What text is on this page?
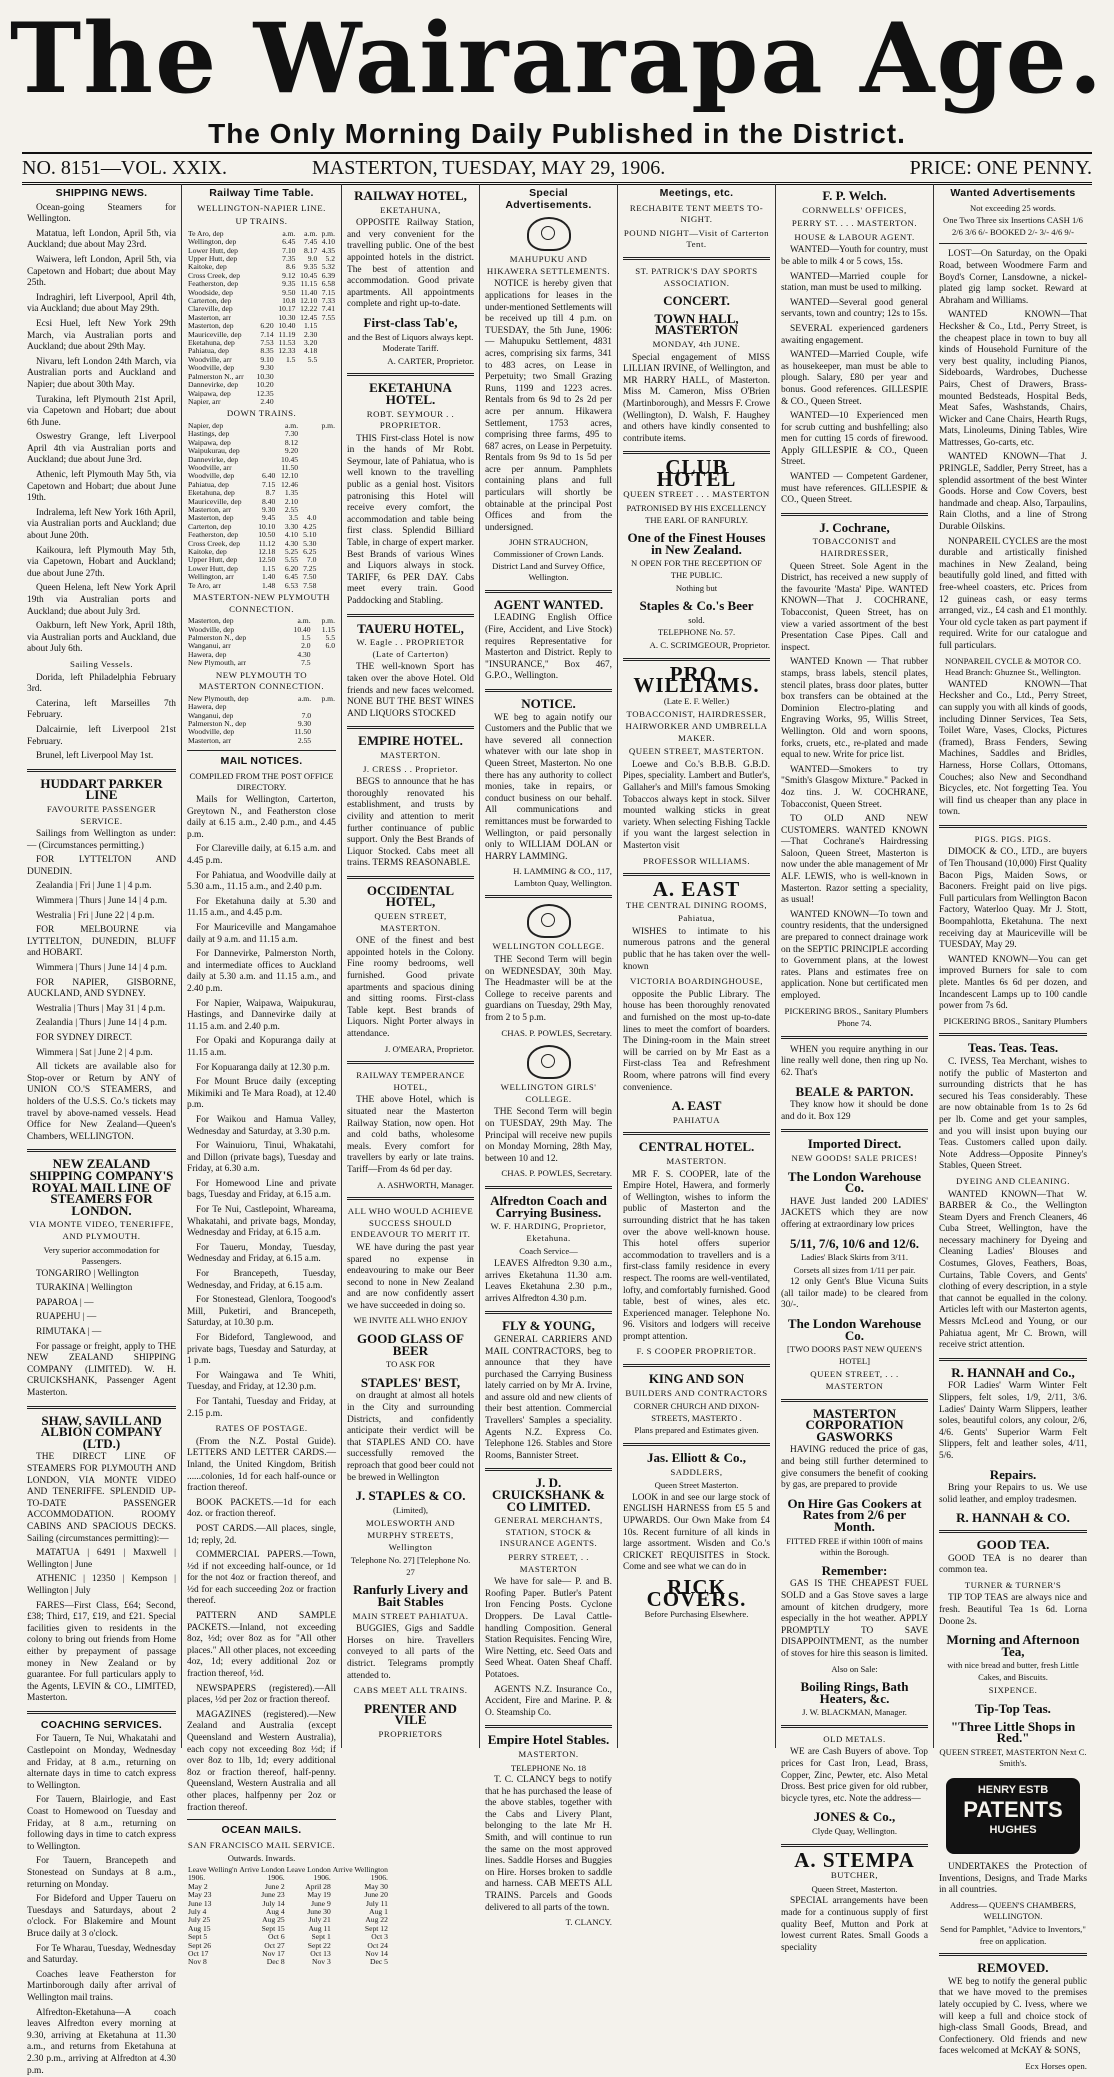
The Wairarapa Age.
The Only Morning Daily Published in the District.
NO. 8151—VOL. XXIX.	MASTERTON, TUESDAY, MAY 29, 1906.	PRICE: ONE PENNY.
SHIPPING NEWS.
Ocean-going Steamers for Wellington.
Matatua, left London, April 5th, via Auckland; due about May 23rd.
Waiwera, left London, April 5th, via Capetown and Hobart; due about May 25th.
Indraghiri, left Liverpool, April 4th, via Auckland; due about May 29th.
Ecsi Huel, left New York 29th March, via Australian ports and Auckland; due about 29th May.
Nivaru, left London 24th March, via Australian ports and Auckland and Napier; due about 30th May.
Turakina, left Plymouth 21st April, via Capetown and Hobart; due about 6th June.
Oswestry Grange, left Liverpool April 4th via Australian ports and Auckland; due about June 3rd.
Athenic, left Plymouth May 5th, via Capetown and Hobart; due about June 19th.
Indralema, left New York 16th April, via Australian ports and Auckland; due about June 20th.
Kaikoura, left Plymouth May 5th, via Capetown, Hobart and Auckland; due about June 27th.
Queen Helena, left New York April 19th via Australian ports and Auckland; due about July 3rd.
Oakburn, left New York, April 18th, via Australian ports and Auckland, due about July 6th.
Sailing Vessels.
Dorida, left Philadelphia February 3rd.
Caterina, left Marseilles 7th February.
Dalcairnie, left Liverpool 21st February.
Brunel, left Liverpool May 1st.
HUDDART PARKER LINE
FAVOURITE PASSENGER SERVICE.
Sailings from Wellington as under:— (Circumstances permitting.)
FOR LYTTELTON AND DUNEDIN.
Zealandia | Fri | June 1 | 4 p.m.
Wimmera | Thurs | June 14 | 4 p.m.
Westralia | Fri | June 22 | 4 p.m.
FOR MELBOURNE via LYTTELTON, DUNEDIN, BLUFF and HOBART.
Wimmera | Thurs | June 14 | 4 p.m.
FOR NAPIER, GISBORNE, AUCKLAND, AND SYDNEY.
Westralia | Thurs | May 31 | 4 p.m.
Zealandia | Thurs | June 14 | 4 p.m.
FOR SYDNEY DIRECT.
Wimmera | Sat | June 2 | 4 p.m.
All tickets are available also for Stop-over or Return by ANY of UNION CO.'S STEAMERS, and holders of the U.S.S. Co.'s tickets may travel by above-named vessels. Head Office for New Zealand—Queen's Chambers, WELLINGTON.
NEW ZEALAND SHIPPING COMPANY'S ROYAL MAIL LINE OF STEAMERS FOR LONDON.
VIA MONTE VIDEO, TENERIFFE, AND PLYMOUTH.
Very superior accommodation for Passengers.
TONGARIRO | Wellington
TURAKINA | Wellington
PAPAROA | —
RUAPEHU | —
RIMUTAKA | —
For passage or freight, apply to THE NEW ZEALAND SHIPPING COMPANY (LIMITED). W. H. CRUICKSHANK, Passenger Agent Masterton.
SHAW, SAVILL AND ALBION COMPANY (LTD.)
THE DIRECT LINE OF STEAMERS FOR PLYMOUTH AND LONDON, VIA MONTE VIDEO AND TENERIFFE. SPLENDID UP-TO-DATE PASSENGER ACCOMMODATION. ROOMY CABINS AND SPACIOUS DECKS. Sailing (circumstances permitting):—
MATATUA | 6491 | Maxwell | Wellington | June
ATHENIC | 12350 | Kempson | Wellington | July
FARES—First Class, £64; Second, £38; Third, £17, £19, and £21. Special facilities given to residents in the colony to bring out friends from Home either by prepayment of passage money in New Zealand or by guarantee. For full particulars apply to the Agents, LEVIN & CO., LIMITED, Masterton.
COACHING SERVICES.
For Tauern, Te Nui, Whakatahi and Castlepoint on Monday, Wednesday and Friday, at 8 a.m., returning on alternate days in time to catch express to Wellington.
For Tauern, Blairlogie, and East Coast to Homewood on Tuesday and Friday, at 8 a.m., returning on following days in time to catch express to Wellington.
For Tauern, Brancepeth and Stonestead on Sundays at 8 a.m., returning on Monday.
For Bideford and Upper Taueru on Tuesdays and Saturdays, about 2 o'clock. For Blakemire and Mount Bruce daily at 3 o'clock.
For Te Wharau, Tuesday, Wednesday and Saturday.
Coaches leave Featherston for Martinborough daily after arrival of Wellington mail trains.
Alfredton-Eketahuna—A coach leaves Alfredton every morning at 9.30, arriving at Eketahuna at 11.30 a.m., and returns from Eketahuna at 2.30 p.m., arriving at Alfredton at 4.30 p.m.
Railway Time Table.
WELLINGTON-NAPIER LINE.
UP TRAINS.
Te Aro, dep		a.m.	a.m.	p.m.
Wellington, dep		6.45	7.45	4.10
Lower Hutt, dep		7.10	8.17	4.35
Upper Hutt, dep		7.35	9.0	5.2
Kaitoke, dep		8.6	9.35	5.32
Cross Creek, dep		9.12	10.45	6.39
Featherston, dep		9.35	11.15	6.58
Woodside, dep		9.50	11.40	7.15
Carterton, dep		10.8	12.10	7.33
Clareville, dep		10.17	12.22	7.41
Masterton, arr		10.30	12.45	7.55
Masterton, dep	6.20	10.40	1.15	
Mauriceville, dep	7.14	11.19	2.30	
Eketahuna, dep	7.53	11.53	3.20	
Pahiatua, dep	8.35	12.33	4.18	
Woodville, arr	9.10	1.5	5.5	
Woodville, dep	9.30			
Palmerston N., arr	10.30			
Dannevirke, dep	10.20			
Waipawa, dep	12.35			
Napier, arr	2.40			
DOWN TRAINS.
Napier, dep		a.m.		p.m.
Hastings, dep		7.30		
Waipawa, dep		8.12		
Waipukurau, dep		9.20		
Dannevirke, dep		10.45		
Woodville, arr		11.50		
Woodville, dep	6.40	12.10		
Pahiatua, dep	7.15	12.46		
Eketahuna, dep	8.7	1.35		
Mauriceville, dep	8.40	2.10		
Masterton, arr	9.30	2.55		
Masterton, dep	9.45	3.5	4.0	
Carterton, dep	10.10	3.30	4.25	
Featherston, dep	10.50	4.10	5.10	
Cross Creek, dep	11.12	4.30	5.30	
Kaitoke, dep	12.18	5.25	6.25	
Upper Hutt, dep	12.50	5.55	7.0	
Lower Hutt, dep	1.15	6.20	7.25	
Wellington, arr	1.40	6.45	7.50	
Te Aro, arr	1.48	6.53	7.58	
MASTERTON-NEW PLYMOUTH CONNECTION.
Masterton, dep	a.m.	p.m.
Woodville, dep	10.40	1.15
Palmerston N., dep	1.5	5.5
Wanganui, arr	2.0	6.0
Hawera, dep	4.30	
New Plymouth, arr	7.5	
NEW PLYMOUTH TO MASTERTON CONNECTION.
New Plymouth, dep	a.m.	p.m.
Hawera, dep		
Wanganui, dep	7.0	
Palmerston N., dep	9.30	
Woodville, dep	11.50	
Masterton, arr	2.55	
MAIL NOTICES.
COMPILED FROM THE POST OFFICE DIRECTORY.
Mails for Wellington, Carterton, Greytown N., and Featherston close daily at 6.15 a.m., 2.40 p.m., and 4.45 p.m.
For Clareville daily, at 6.15 a.m. and 4.45 p.m.
For Pahiatua, and Woodville daily at 5.30 a.m., 11.15 a.m., and 2.40 p.m.
For Eketahuna daily at 5.30 and 11.15 a.m., and 4.45 p.m.
For Mauriceville and Mangamahoe daily at 9 a.m. and 11.15 a.m.
For Dannevirke, Palmerston North, and intermediate offices to Auckland daily at 5.30 a.m. and 11.15 a.m., and 2.40 p.m.
For Napier, Waipawa, Waipukurau, Hastings, and Dannevirke daily at 11.15 a.m. and 2.40 p.m.
For Opaki and Kopuranga daily at 11.15 a.m.
For Kopuaranga daily at 12.30 p.m.
For Mount Bruce daily (excepting Mikimiki and Te Mara Road), at 12.40 p.m.
For Waikou and Hamua Valley, Wednesday and Saturday, at 3.30 p.m.
For Wainuioru, Tinui, Whakatahi, and Dillon (private bags), Tuesday and Friday, at 6.30 a.m.
For Homewood Line and private bags, Tuesday and Friday, at 6.15 a.m.
For Te Nui, Castlepoint, Whareama, Whakatahi, and private bags, Monday, Wednesday and Friday, at 6.15 a.m.
For Taueru, Monday, Tuesday, Wednesday and Friday, at 6.15 a.m.
For Brancepeth, Tuesday, Wednesday, and Friday, at 6.15 a.m.
For Stonestead, Glenlora, Toogood's Mill, Puketiri, and Brancepeth, Saturday, at 10.30 p.m.
For Bideford, Tanglewood, and private bags, Tuesday and Saturday, at 1 p.m.
For Waingawa and Te Whiti, Tuesday, and Friday, at 12.30 p.m.
For Tantahi, Tuesday and Friday, at 2.15 p.m.
RATES OF POSTAGE.
(From the N.Z. Postal Guide). LETTERS AND LETTER CARDS.—Inland, the United Kingdom, British ......colonies, 1d for each half-ounce or fraction thereof.
BOOK PACKETS.—1d for each 4oz. or fraction thereof.
POST CARDS.—All places, single, 1d; reply, 2d.
COMMERCIAL PAPERS.—Town, ½d if not exceeding half-ounce, or 1d for the not 4oz or fraction thereof, and ½d for each succeeding 2oz or fraction thereof.
PATTERN AND SAMPLE PACKETS.—Inland, not exceeding 8oz, ½d; over 8oz as for "All other places." All other places, not exceeding 4oz, 1d; every additional 2oz or fraction thereof, ½d.
NEWSPAPERS (registered).—All places, ½d per 2oz or fraction thereof.
MAGAZINES (registered).—New Zealand and Australia (except Queensland and Western Australia), each copy not exceeding 8oz ½d; if over 8oz to 1lb, 1d; every additional 8oz or fraction thereof, half-penny. Queensland, Western Australia and all other places, halfpenny per 2oz or fraction thereof.
OCEAN MAILS.
SAN FRANCISCO MAIL SERVICE.
Outwards. Inwards.
Leave Welling'n	Arrive London	Leave London	Arrive Wellington
1906.	1906.	1906.	1906.
May 2	June 2	April 28	May 30
May 23	June 23	May 19	June 20
June 13	July 14	June 9	July 11
July 4	Aug 4	June 30	Aug 1
July 25	Aug 25	July 21	Aug 22
Aug 15	Sept 15	Aug 11	Sept 12
Sept 5	Oct 6	Sept 1	Oct 3
Sept 26	Oct 27	Sept 22	Oct 24
Oct 17	Nov 17	Oct 13	Nov 14
Nov 8	Dec 8	Nov 3	Dec 5
RAILWAY HOTEL,
EKETAHUNA,
OPPOSITE Railway Station, and very convenient for the travelling public. One of the best appointed hotels in the district. The best of attention and accommodation. Good private apartments. All appointments complete and right up-to-date.
First-class Tab'e,
and the Best of Liquors always kept. Moderate Tariff.
A. CARTER, Proprietor.
EKETAHUNA HOTEL.
ROBT. SEYMOUR . . PROPRIETOR.
THIS First-class Hotel is now in the hands of Mr Robt. Seymour, late of Pahiatua, who is well known to the travelling public as a genial host. Visitors patronising this Hotel will receive every comfort, the accommodation and table being first class. Splendid Billiard Table, in charge of expert marker. Best Brands of various Wines and Liquors always in stock. TARIFF, 6s PER DAY. Cabs meet every train. Good Paddocking and Stabling.
TAUERU HOTEL,
W. Eagle . . PROPRIETOR (Late of Carterton)
THE well-known Sport has taken over the above Hotel. Old friends and new faces welcomed. NONE BUT THE BEST WINES AND LIQUORS STOCKED
EMPIRE HOTEL.
MASTERTON.
J. CRESS . . Proprietor.
BEGS to announce that he has thoroughly renovated his establishment, and trusts by civility and attention to merit further continuance of public support. Only the Best Brands of Liquor Stocked. Cabs meet all trains. TERMS REASONABLE.
OCCIDENTAL HOTEL,
QUEEN STREET, MASTERTON.
ONE of the finest and best appointed hotels in the Colony. Fine roomy bedrooms, well furnished. Good private apartments and spacious dining and sitting rooms. First-class Table kept. Best brands of Liquors. Night Porter always in attendance.
J. O'MEARA, Proprietor.
RAILWAY TEMPERANCE HOTEL,
THE above Hotel, which is situated near the Masterton Railway Station, now open. Hot and cold baths, wholesome meals. Every comfort for travellers by early or late trains. Tariff—From 4s 6d per day.
A. ASHWORTH, Manager.
ALL WHO WOULD ACHIEVE SUCCESS SHOULD ENDEAVOUR TO MERIT IT.
WE have during the past year spared no expense in endeavouring to make our Beer second to none in New Zealand and are now confidently assert we have succeeded in doing so.
WE INVITE ALL WHO ENJOY
GOOD GLASS OF BEER
TO ASK FOR
STAPLES' BEST,
on draught at almost all hotels in the City and surrounding Districts, and confidently anticipate their verdict will be that STAPLES AND CO. have successfully removed the reproach that good beer could not be brewed in Wellington
J. STAPLES & CO.
(Limited),
MOLESWORTH AND MURPHY STREETS, Wellington
Telephone No. 27] [Telephone No. 27
Ranfurly Livery and Bait Stables
MAIN STREET PAHIATUA.
BUGGIES, Gigs and Saddle Horses on hire. Travellers conveyed to all parts of the district. Telegrams promptly attended to.
CABS MEET ALL TRAINS.
PRENTER AND VILE
PROPRIETORS
Special Advertisements.
MAHUPUKU AND HIKAWERA SETTLEMENTS.
NOTICE is hereby given that applications for leases in the under-mentioned Settlements will be received up till 4 p.m. on TUESDAY, the 5th June, 1906:— Mahupuku Settlement, 4831 acres, comprising six farms, 341 to 483 acres, on Lease in Perpetuity; two Small Grazing Runs, 1199 and 1223 acres. Rentals from 6s 9d to 2s 2d per acre per annum. Hikawera Settlement, 1753 acres, comprising three farms, 495 to 687 acres, on Lease in Perpetuity. Rentals from 9s 9d to 1s 5d per acre per annum. Pamphlets containing plans and full particulars will shortly be obtainable at the principal Post Offices and from the undersigned.
JOHN STRAUCHON, Commissioner of Crown Lands. District Land and Survey Office, Wellington.
AGENT WANTED.
LEADING English Office (Fire, Accident, and Live Stock) requires Representative for Masterton and District. Reply to "INSURANCE," Box 467, G.P.O., Wellington.
NOTICE.
WE beg to again notify our Customers and the Public that we have severed all connection whatever with our late shop in Queen Street, Masterton. No one there has any authority to collect monies, take in repairs, or conduct business on our behalf. All communications and remittances must be forwarded to Wellington, or paid personally only to WILLIAM DOLAN or HARRY LAMMING.
H. LAMMING & CO., 117, Lambton Quay, Wellington.
WELLINGTON COLLEGE.
THE Second Term will begin on WEDNESDAY, 30th May. The Headmaster will be at the College to receive parents and guardians on Tuesday, 29th May, from 2 to 5 p.m.
CHAS. P. POWLES, Secretary.
WELLINGTON GIRLS' COLLEGE.
THE Second Term will begin on TUESDAY, 29th May. The Principal will receive new pupils on Monday Morning, 28th May, between 10 and 12.
CHAS. P. POWLES, Secretary.
Alfredton Coach and Carrying Business.
W. F. HARDING, Proprietor, Eketahuna.
Coach Service—
LEAVES Alfredton 9.30 a.m., arrives Eketahuna 11.30 a.m. Leaves Eketahuna 2.30 p.m., arrives Alfredton 4.30 p.m.
FLY & YOUNG,
GENERAL CARRIERS AND MAIL CONTRACTORS, beg to announce that they have purchased the Carrying Business lately carried on by Mr A. Irvine, and assure old and new clients of their best attention. Commercial Travellers' Samples a speciality. Agents N.Z. Express Co. Telephone 126. Stables and Store Rooms, Bannister Street.
J. D. CRUICKSHANK & CO LIMITED.
GENERAL MERCHANTS, STATION, STOCK & INSURANCE AGENTS.
PERRY STREET, . . MASTERTON
We have for sale— P. and B. Roofing Paper. Butler's Patent Iron Fencing Posts. Cyclone Droppers. De Laval Cattle-handling Composition. General Station Requisites. Fencing Wire, Wire Netting, etc. Seed Oats and Seed Wheat. Oaten Sheaf Chaff. Potatoes.
AGENTS N.Z. Insurance Co., Accident, Fire and Marine. P. & O. Steamship Co.
Empire Hotel Stables.
MASTERTON.
TELEPHONE No. 18
T. C. CLANCY begs to notify that he has purchased the lease of the above stables, together with the Cabs and Livery Plant, belonging to the late Mr H. Smith, and will continue to run the same on the most approved lines. Saddle Horses and Buggies on Hire. Horses broken to saddle and harness. CAB MEETS ALL TRAINS. Parcels and Goods delivered to all parts of the town.
T. CLANCY.
Meetings, etc.
RECHABITE TENT MEETS TO-NIGHT.
POUND NIGHT—Visit of Carterton Tent.
ST. PATRICK'S DAY SPORTS ASSOCIATION.
CONCERT.
TOWN HALL, MASTERTON
MONDAY, 4th JUNE.
Special engagement of MISS LILLIAN IRVINE, of Wellington, and MR HARRY HALL, of Masterton. Miss M. Cameron, Miss O'Brien (Martinborough), and Messrs F. Crowe (Wellington), D. Walsh, F. Haughey and others have kindly consented to contribute items.
CLUB HOTEL
QUEEN STREET . . . MASTERTON
PATRONISED BY HIS EXCELLENCY THE EARL OF RANFURLY.
One of the Finest Houses in New Zealand.
N OPEN FOR THE RECEPTION OF THE PUBLIC.
Nothing but
Staples & Co.'s Beer
sold.
TELEPHONE No. 57.
A. C. SCRIMGEOUR, Proprietor.
PRO. WILLIAMS.
(Late E. F. Weller.)
TOBACCONIST, HAIRDRESSER, HAIRWORKER AND UMBRELLA MAKER.
QUEEN STREET, MASTERTON.
Loewe and Co.'s B.B.B. G.B.D. Pipes, speciality. Lambert and Butler's, Gallaher's and Mill's famous Smoking Tobaccos always kept in stock. Silver mounted walking sticks in great variety. When selecting Fishing Tackle if you want the largest selection in Masterton visit
PROFESSOR WILLIAMS.
A. EAST
THE CENTRAL DINING ROOMS,
Pahiatua,
WISHES to intimate to his numerous patrons and the general public that he has taken over the well-known
VICTORIA BOARDINGHOUSE,
opposite the Public Library. The house has been thoroughly renovated and furnished on the most up-to-date lines to meet the comfort of boarders. The Dining-room in the Main street will be carried on by Mr East as a First-class Tea and Refreshment Room, where patrons will find every convenience.
A. EAST
PAHIATUA
CENTRAL HOTEL.
MASTERTON.
MR F. S. COOPER, late of the Empire Hotel, Hawera, and formerly of Wellington, wishes to inform the public of Masterton and the surrounding district that he has taken over the above well-known house. This hotel offers superior accommodation to travellers and is a first-class family residence in every respect. The rooms are well-ventilated, lofty, and comfortably furnished. Good table, best of wines, ales etc. Experienced manager. Telephone No. 96. Visitors and lodgers will receive prompt attention.
F. S COOPER PROPRIETOR.
KING AND SON
BUILDERS AND CONTRACTORS
CORNER CHURCH AND DIXON-STREETS, MASTERTO .
Plans prepared and Estimates given.
Jas. Elliott & Co.,
SADDLERS,
Queen Street Masterton.
LOOK in and see our large stock of ENGLISH HARNESS from £5 5 and UPWARDS. Our Own Make from £4 10s. Recent furniture of all kinds in large assortment. Wisden and Co.'s CRICKET REQUISITES in Stock. Come and see what we can do in
RICK COVERS.
Before Purchasing Elsewhere.
F. P. Welch.
CORNWELLS' OFFICES,
PERRY ST. . . . MASTERTON.
HOUSE & LABOUR AGENT.
WANTED—Youth for country, must be able to milk 4 or 5 cows, 15s.
WANTED—Married couple for station, man must be used to milking.
WANTED—Several good general servants, town and country; 12s to 15s.
SEVERAL experienced gardeners awaiting engagement.
WANTED—Married Couple, wife as housekeeper, man must be able to plough. Salary, £80 per year and bonus. Good references. GILLESPIE & CO., Queen Street.
WANTED—10 Experienced men for scrub cutting and bushfelling; also men for cutting 15 cords of firewood. Apply GILLESPIE & CO., Queen Street.
WANTED — Competent Gardener, must have references. GILLESPIE & CO., Queen Street.
J. Cochrane,
TOBACCONIST and HAIRDRESSER,
Queen Street. Sole Agent in the District, has received a new supply of the favourite 'Masta' Pipe. WANTED KNOWN—That J. COCHRANE, Tobacconist, Queen Street, has on view a varied assortment of the best Presentation Case Pipes. Call and inspect.
WANTED Known — That rubber stamps, brass labels, stencil plates, stencil plates, brass door plates, butter box transfers can be obtained at the Dominion Electro-plating and Engraving Works, 95, Willis Street, Wellington. Old and worn spoons, forks, cruets, etc., re-plated and made equal to new. Write for price list.
WANTED—Smokers to try "Smith's Glasgow Mixture." Packed in 4oz tins. J. W. COCHRANE, Tobacconist, Queen Street.
TO OLD AND NEW CUSTOMERS. WANTED KNOWN—That Cochrane's Hairdressing Saloon, Queen Street, Masterton is now under the able management of Mr ALF. LEWIS, who is well-known in Masterton. Razor setting a speciality, as usual!
WANTED KNOWN—To town and country residents, that the undersigned are prepared to connect drainage work on the SEPTIC PRINCIPLE according to Government plans, at the lowest rates. Plans and estimates free on application. None but certificated men employed.
PICKERING BROS., Sanitary Plumbers
Phone 74.
WHEN you require anything in our line really well done, then ring up No. 62. That's
BEALE & PARTON.
They know how it should be done and do it. Box 129
Imported Direct.
NEW GOODS! SALE PRICES!
The London Warehouse Co.
HAVE Just landed 200 LADIES' JACKETS which they are now offering at extraordinary low prices
5/11, 7/6, 10/6 and 12/6.
Ladies' Black Skirts from 3/11.
Corsets all sizes from 1/11 per pair.
12 only Gent's Blue Vicuna Suits (all tailor made) to be cleared from 30/-.
The London Warehouse Co.
[TWO DOORS PAST NEW QUEEN'S HOTEL]
QUEEN STREET, . . . MASTERTON
MASTERTON CORPORATION GASWORKS
HAVING reduced the price of gas, and being still further determined to give consumers the benefit of cooking by gas, are prepared to provide
On Hire Gas Cookers at Rates from 2/6 per Month.
FITTED FREE if within 100ft of mains within the Borough.
Remember:
GAS IS THE CHEAPEST FUEL SOLD and a Gas Stove saves a large amount of kitchen drudgery, more especially in the hot weather. APPLY PROMPTLY TO SAVE DISAPPOINTMENT, as the number of stoves for hire this season is limited.
Also on Sale:
Boiling Rings, Bath Heaters, &c.
J. W. BLACKMAN, Manager.
OLD METALS.
WE are Cash Buyers of above. Top prices for Cast Iron, Lead, Brass, Copper, Zinc, Pewter, etc. Also Metal Dross. Best price given for old rubber, bicycle tyres, etc. Note the address—
JONES & Co.,
Clyde Quay, Wellington.
A. STEMPA
BUTCHER,
Queen Street, Masterton.
SPECIAL arrangements have been made for a continuous supply of first quality Beef, Mutton and Pork at lowest current Rates. Small Goods a speciality
Wanted Advertisements
Not exceeding 25 words.
One Two Three six Insertions CASH 1/6 2/6 3/6 6/- BOOKED 2/- 3/- 4/6 9/-
LOST—On Saturday, on the Opaki Road, between Woodmere Farm and Boyd's Corner, Lansdowne, a nickel-plated gig lamp socket. Reward at Abraham and Williams.
WANTED KNOWN—That Hecksher & Co., Ltd., Perry Street, is the cheapest place in town to buy all kinds of Household Furniture of the very best quality, including Pianos, Sideboards, Wardrobes, Duchesse Pairs, Chest of Drawers, Brass-mounted Bedsteads, Hospital Beds, Meat Safes, Washstands, Chairs, Wicker and Cane Chairs, Hearth Rugs, Mats, Linoleums, Dining Tables, Wire Mattresses, Go-carts, etc.
WANTED KNOWN—That J. PRINGLE, Saddler, Perry Street, has a splendid assortment of the best Winter Goods. Horse and Cow Covers, best handmade and cheap. Also, Tarpaulins, Rain Cloths, and a line of Strong Durable Oilskins.
NONPAREIL CYCLES are the most durable and artistically finished machines in New Zealand, being beautifully gold lined, and fitted with free-wheel coasters, etc. Prices from 12 guineas cash, or easy terms arranged, viz., £4 cash and £1 monthly. Your old cycle taken as part payment if required. Write for our catalogue and full particulars.
NONPAREIL CYCLE & MOTOR CO. Head Branch: Ghuznee St., Wellington.
WANTED KNOWN—That Hecksher and Co., Ltd., Perry Street, can supply you with all kinds of goods, including Dinner Services, Tea Sets, Toilet Ware, Vases, Clocks, Pictures (framed), Brass Fenders, Sewing Machines, Saddles and Bridles, Harness, Horse Collars, Ottomans, Couches; also New and Secondhand Bicycles, etc. Not forgetting Tea. You will find us cheaper than any place in town.
PIGS. PIGS. PIGS.
DIMOCK & CO., LTD., are buyers of Ten Thousand (10,000) First Quality Bacon Pigs, Maiden Sows, or Baconers. Freight paid on live pigs. Full particulars from Wellington Bacon Factory, Waterloo Quay. Mr J. Stott, Boompahlotta, Eketahuna. The next receiving day at Mauriceville will be TUESDAY, May 29.
WANTED KNOWN—You can get improved Burners for sale to com plete. Mantles 6s 6d per dozen, and Incandescent Lamps up to 100 candle power from 7s 6d.
PICKERING BROS., Sanitary Plumbers
Teas. Teas. Teas.
C. IVESS, Tea Merchant, wishes to notify the public of Masterton and surrounding districts that he has secured his Teas considerably. These are now obtainable from 1s to 2s 6d per lb. Come and get your samples, and you will insist upon buying our Teas. Customers called upon daily. Note Address—Opposite Pinney's Stables, Queen Street.
DYEING AND CLEANING.
WANTED KNOWN—That W. BARBER & Co., the Wellington Steam Dyers and French Cleaners, 46 Cuba Street, Wellington, have the necessary machinery for Dyeing and Cleaning Ladies' Blouses and Costumes, Gloves, Feathers, Boas, Curtains, Table Covers, and Gents' clothing of every description, in a style that cannot be equalled in the colony. Articles left with our Masterton agents, Messrs McLeod and Young, or our Pahiatua agent, Mr C. Brown, will receive strict attention.
R. HANNAH and Co.,
FOR Ladies' Warm Winter Felt Slippers, felt soles, 1/9, 2/11, 3/6. Ladies' Dainty Warm Slippers, leather soles, beautiful colors, any colour, 2/6, 4/6. Gents' Superior Warm Felt Slippers, felt and leather soles, 4/11, 5/6.
Repairs.
Bring your Repairs to us. We use solid leather, and employ tradesmen.
R. HANNAH & CO.
GOOD TEA.
GOOD TEA is no dearer than common tea.
TURNER & TURNER'S
TIP TOP TEAS are always nice and fresh. Beautiful Tea 1s 6d. Lorna Doone 2s.
Morning and Afternoon Tea,
with nice bread and butter, fresh Little Cakes, and Biscuits.
SIXPENCE.
Tip-Top Teas.
"Three Little Shops in Red."
QUEEN STREET, MASTERTON Next C. Smith's.
HENRY ESTB
PATENTS
HUGHES
UNDERTAKES the Protection of Inventions, Designs, and Trade Marks in all countries.
Address— QUEEN'S CHAMBERS, WELLINGTON.
Send for Pamphlet, "Advice to Inventors," free on application.
REMOVED.
WE beg to notify the general public that we have moved to the premises lately occupied by C. Ivess, where we will keep a full and choice stock of high-class Small Goods, Bread, and Confectionery. Old friends and new faces welcomed at McKAY & SONS,
Ecx Horses open.
